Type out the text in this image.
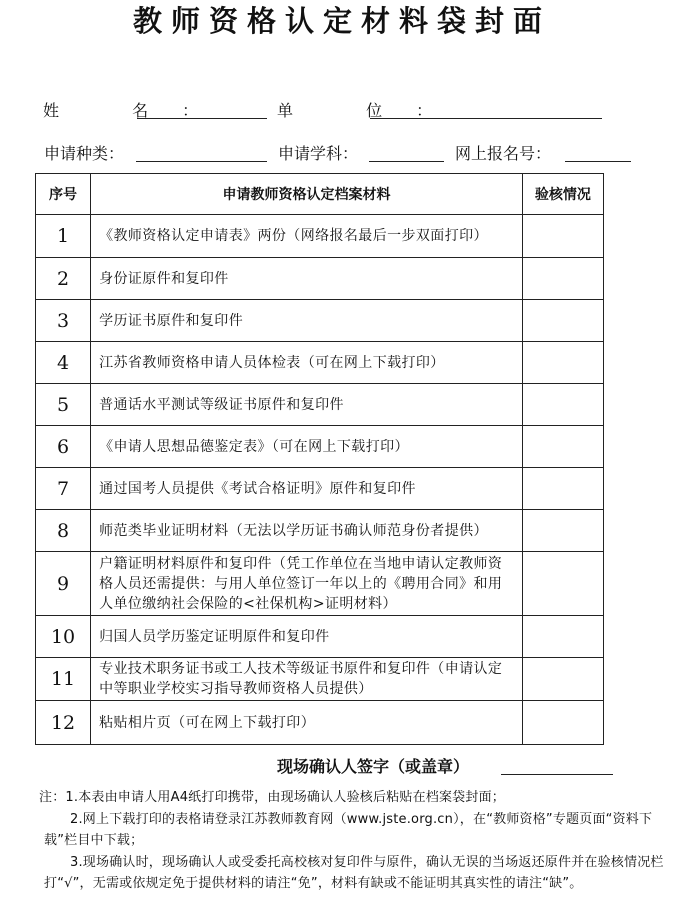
教师资格认定材料袋封面
姓 名：	单 位：
申请种类：	申请学科：	网上报名号：
序号	申请教师资格认定档案材料	验核情况
1	《教师资格认定申请表》两份（网络报名最后一步双面打印）	
2	身份证原件和复印件	
3	学历证书原件和复印件	
4	江苏省教师资格申请人员体检表（可在网上下载打印）	
5	普通话水平测试等级证书原件和复印件	
6	《申请人思想品德鉴定表》（可在网上下载打印）	
7	通过国考人员提供《考试合格证明》原件和复印件	
8	师范类毕业证明材料（无法以学历证书确认师范身份者提供）	
9	户籍证明材料原件和复印件（凭工作单位在当地申请认定教师资格人员还需提供：与用人单位签订一年以上的《聘用合同》和用人单位缴纳社会保险的<社保机构>证明材料）	
10	归国人员学历鉴定证明原件和复印件	
11	专业技术职务证书或工人技术等级证书原件和复印件（申请认定中等职业学校实习指导教师资格人员提供）	
12	粘贴相片页（可在网上下载打印）	
现场确认人签字（或盖章）

注：1.本表由申请人用A4纸打印携带，由现场确认人验核后粘贴在档案袋封面；

2.网上下载打印的表格请登录江苏教师教育网（www.jste.org.cn），在“教师资格”专题页面“资料下载”栏目中下载；

3.现场确认时，现场确认人或受委托高校核对复印件与原件，确认无误的当场返还原件并在验核情况栏打“√”，无需或依规定免于提供材料的请注“免”，材料有缺或不能证明其真实性的请注“缺”。
